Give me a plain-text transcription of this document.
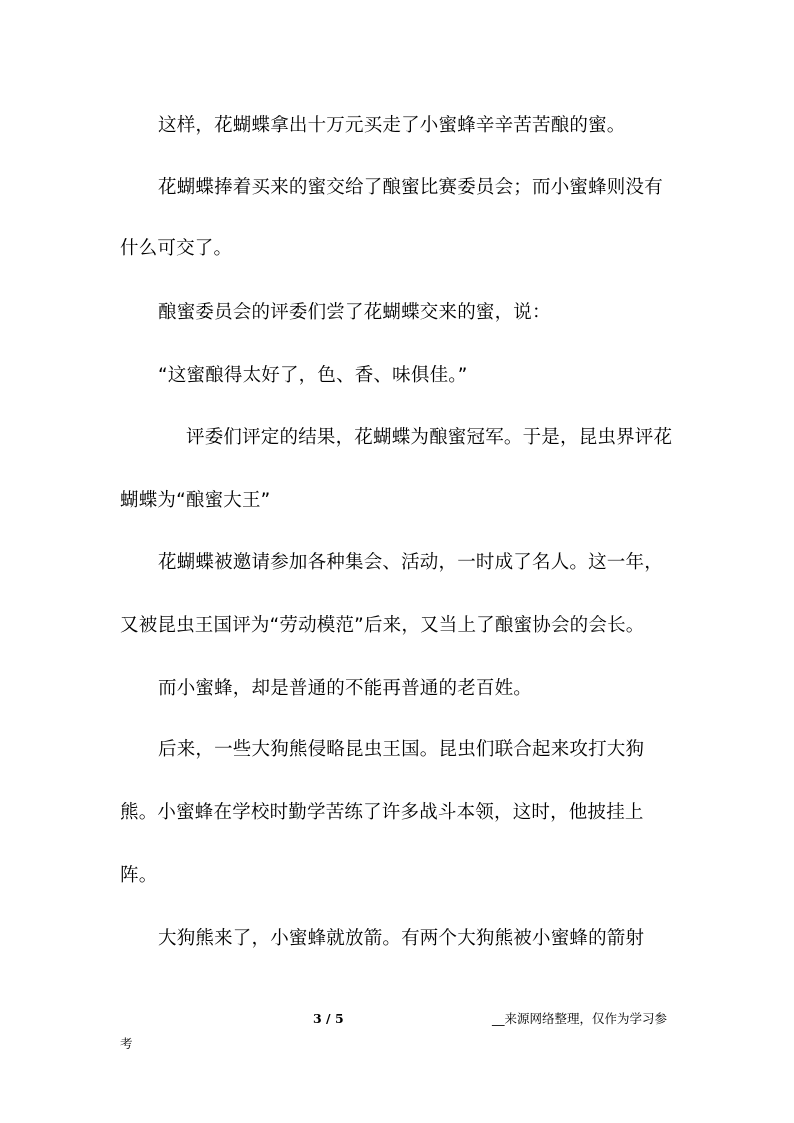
这样，花蝴蝶拿出十万元买走了小蜜蜂辛辛苦苦酿的蜜。

花蝴蝶捧着买来的蜜交给了酿蜜比赛委员会；而小蜜蜂则没有

什么可交了。

酿蜜委员会的评委们尝了花蝴蝶交来的蜜，说：

“这蜜酿得太好了，色、香、味俱佳。”

评委们评定的结果，花蝴蝶为酿蜜冠军。于是，昆虫界评花

蝴蝶为“酿蜜大王”

花蝴蝶被邀请参加各种集会、活动，一时成了名人。这一年，

又被昆虫王国评为“劳动模范”后来，又当上了酿蜜协会的会长。

而小蜜蜂，却是普通的不能再普通的老百姓。

后来，一些大狗熊侵略昆虫王国。昆虫们联合起来攻打大狗

熊。小蜜蜂在学校时勤学苦练了许多战斗本领，这时，他披挂上

阵。

大狗熊来了，小蜜蜂就放箭。有两个大狗熊被小蜜蜂的箭射

3 / 5	__来源网络整理，仅作为学习参
考
